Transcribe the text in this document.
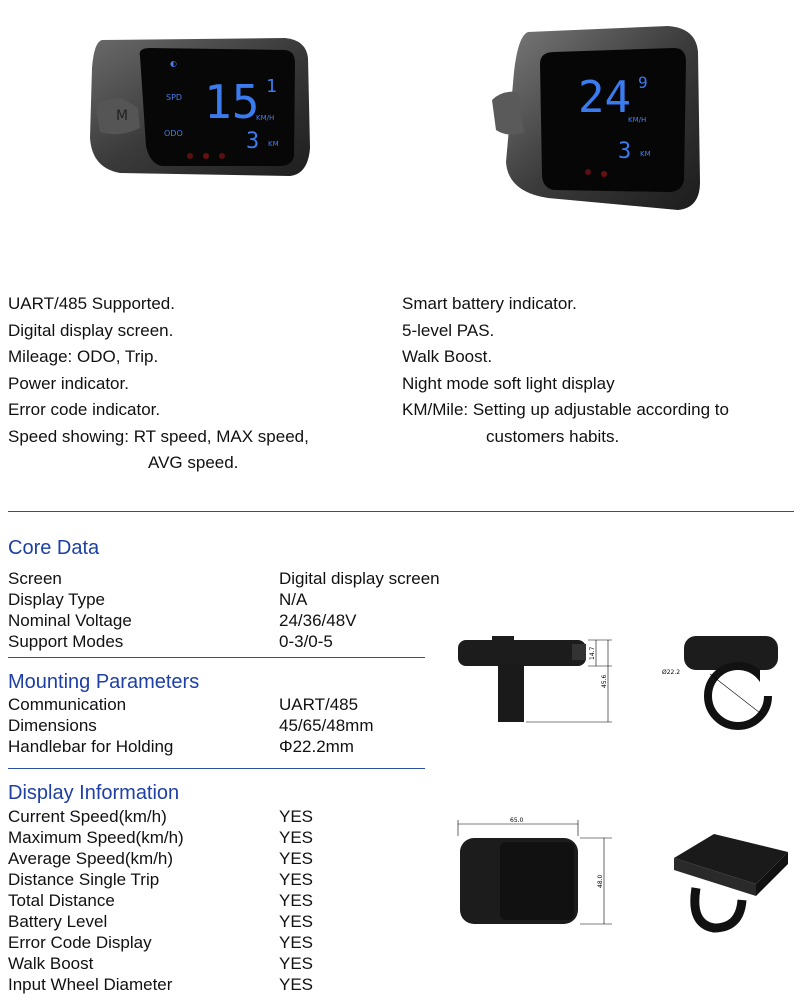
M
◐
SPD
ODO
15 1
KM/H
3 KM
24 9
KM/H
3 KM
UART/485 Supported.
Digital display screen.
Mileage: ODO, Trip.
Power indicator.
Error code indicator.
Speed showing: RT speed, MAX speed,
AVG speed.
Smart battery indicator.
5-level PAS.
Walk Boost.
Night mode soft light display
KM/Mile: Setting up adjustable according to
customers habits.
Core Data
Screen	Digital display screen
Display Type	N/A
Nominal Voltage	24/36/48V
Support Modes	0-3/0-5
Mounting Parameters
Communication	UART/485
Dimensions	45/65/48mm
Handlebar for Holding	Φ22.2mm
Display Information
Current Speed(km/h)	YES
Maximum Speed(km/h)	YES
Average Speed(km/h)	YES
Distance Single Trip	YES
Total Distance	YES
Battery Level	YES
Error Code Display	YES
Walk Boost	YES
Input Wheel Diameter	YES
14.7
45.6
Ø22.2
65.0
48.0
